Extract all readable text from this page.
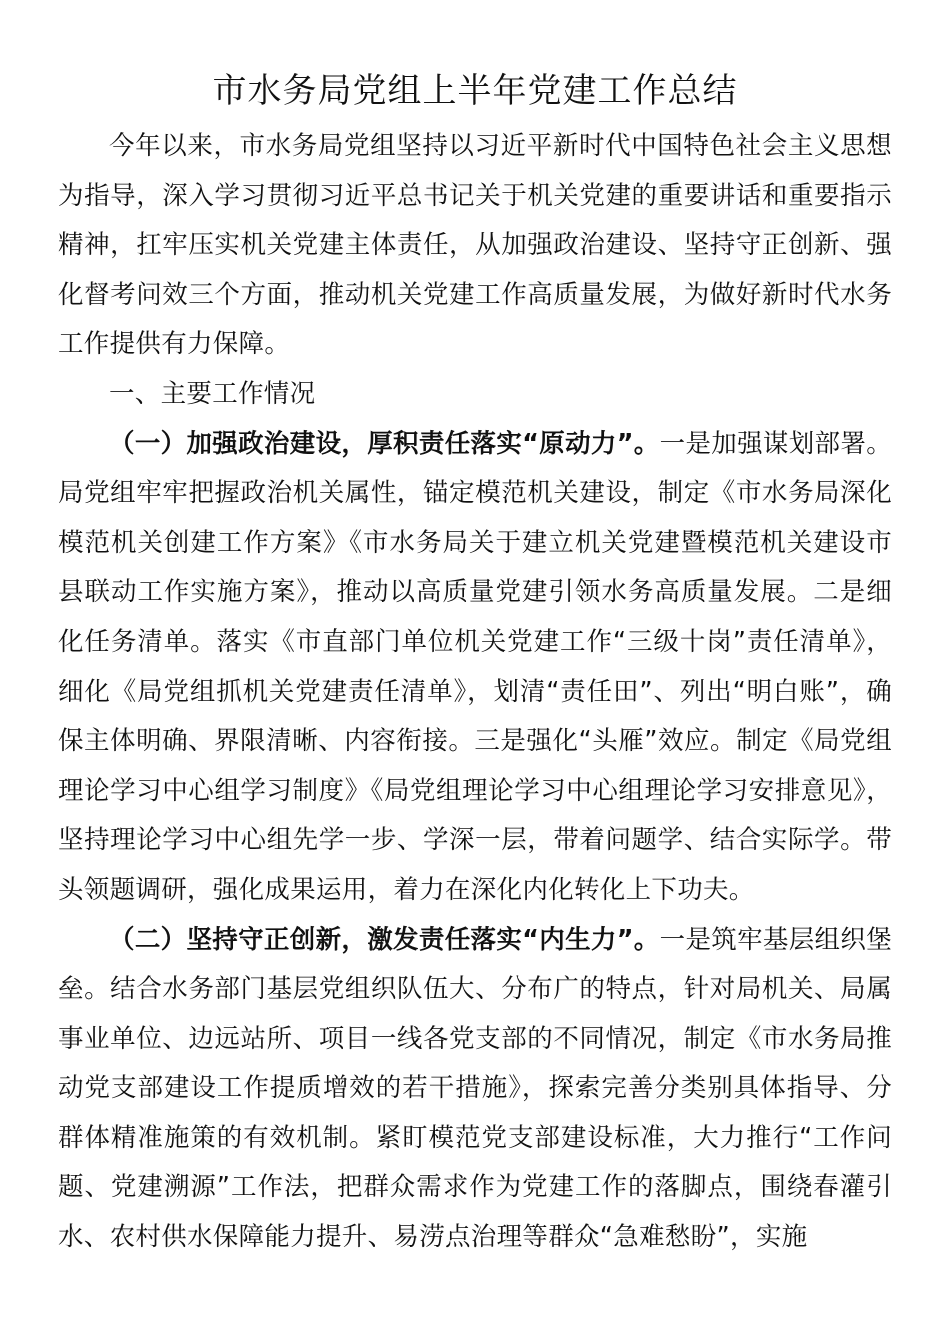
市水务局党组上半年党建工作总结

今年以来，市水务局党组坚持以习近平新时代中国特色社会主义思想为指导，深入学习贯彻习近平总书记关于机关党建的重要讲话和重要指示精神，扛牢压实机关党建主体责任，从加强政治建设、坚持守正创新、强化督考问效三个方面，推动机关党建工作高质量发展，为做好新时代水务工作提供有力保障。

一、主要工作情况

（一）加强政治建设，厚积责任落实“原动力”。一是加强谋划部署。局党组牢牢把握政治机关属性，锚定模范机关建设，制定《市水务局深化模范机关创建工作方案》《市水务局关于建立机关党建暨模范机关建设市县联动工作实施方案》，推动以高质量党建引领水务高质量发展。二是细化任务清单。落实《市直部门单位机关党建工作“三级十岗”责任清单》，细化《局党组抓机关党建责任清单》，划清“责任田”、列出“明白账”，确保主体明确、界限清晰、内容衔接。三是强化“头雁”效应。制定《局党组理论学习中心组学习制度》《局党组理论学习中心组理论学习安排意见》，坚持理论学习中心组先学一步、学深一层，带着问题学、结合实际学。带头领题调研，强化成果运用，着力在深化内化转化上下功夫。

（二）坚持守正创新，激发责任落实“内生力”。一是筑牢基层组织堡垒。结合水务部门基层党组织队伍大、分布广的特点，针对局机关、局属事业单位、边远站所、项目一线各党支部的不同情况，制定《市水务局推动党支部建设工作提质增效的若干措施》，探索完善分类别具体指导、分群体精准施策的有效机制。紧盯模范党支部建设标准，大力推行“工作问题、党建溯源”工作法，把群众需求作为党建工作的落脚点，围绕春灌引水、农村供水保障能力提升、易涝点治理等群众“急难愁盼”，实施
